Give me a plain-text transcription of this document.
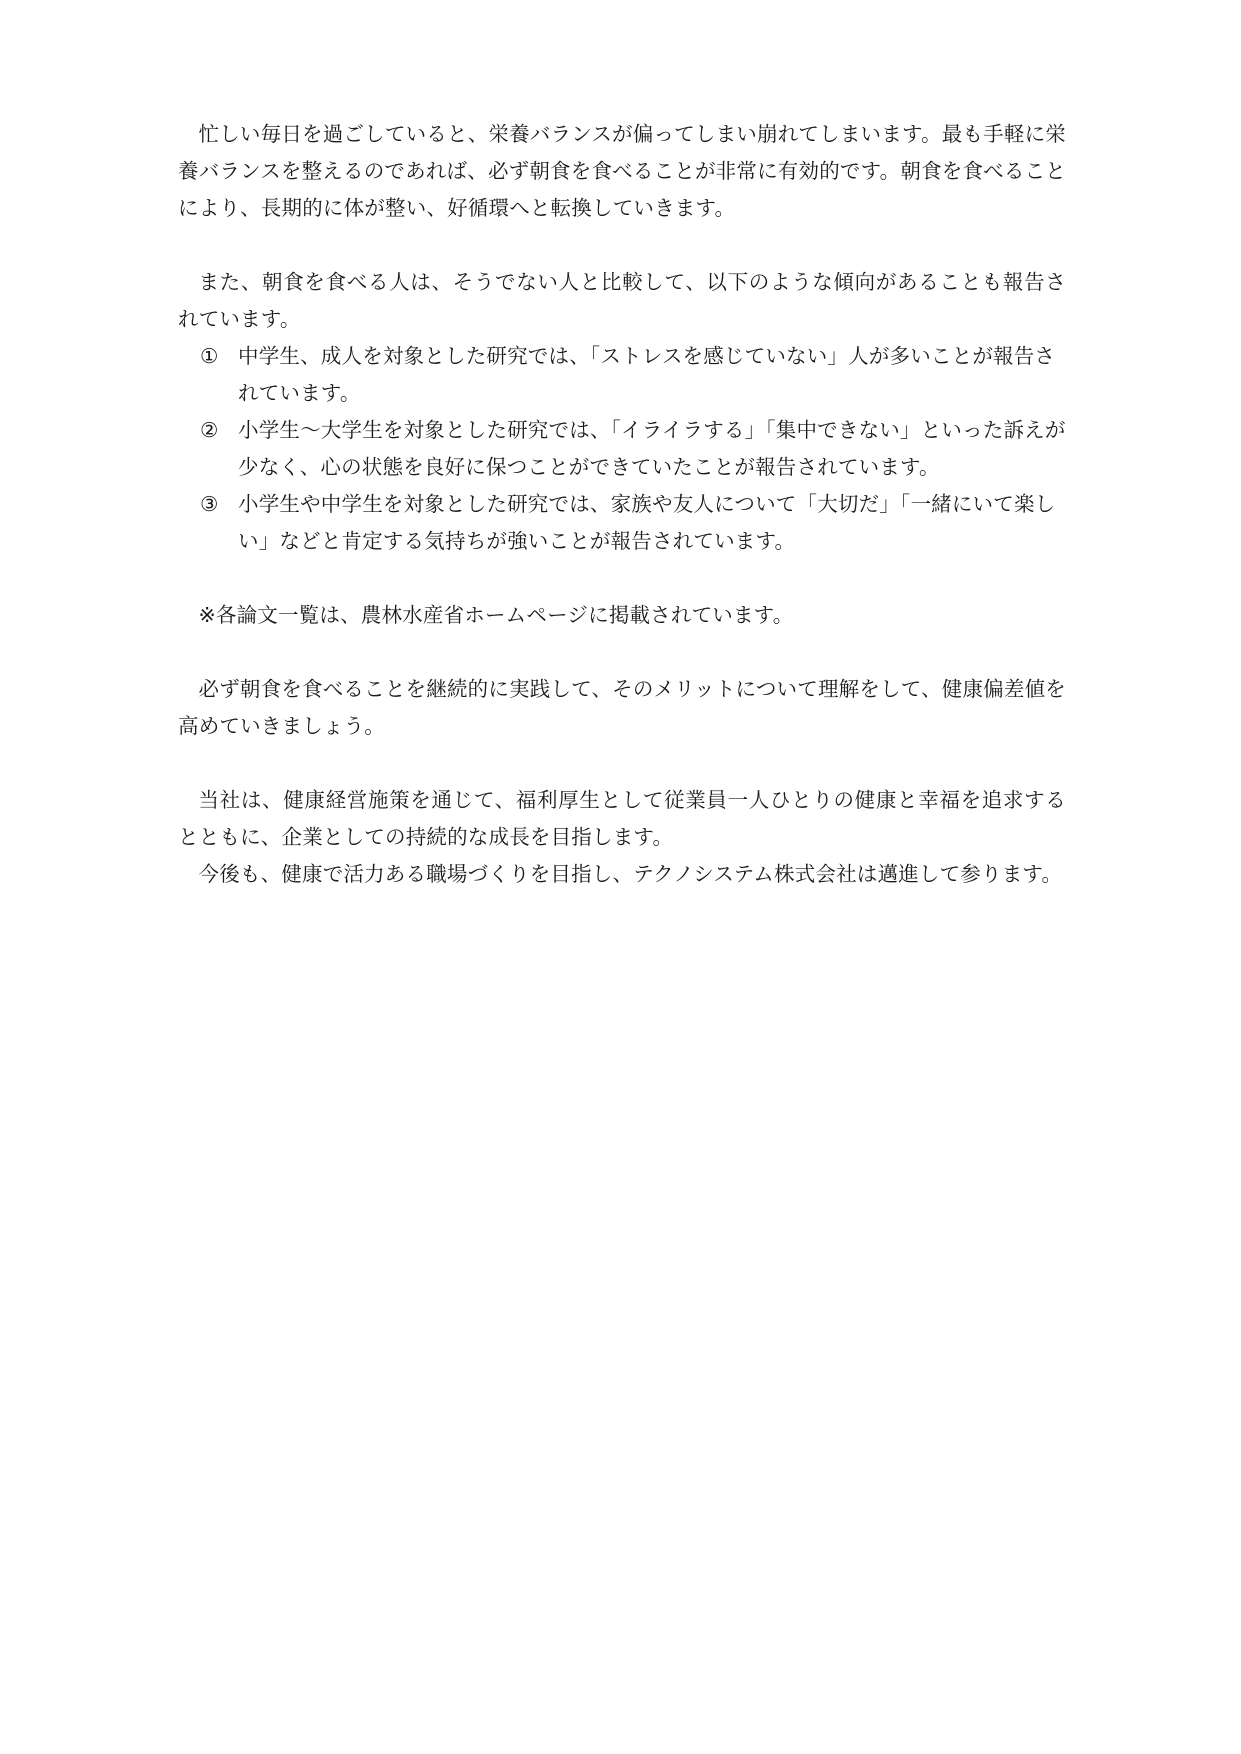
忙しい毎日を過ごしていると、栄養バランスが偏ってしまい崩れてしまいます。最も手軽に栄養バランスを整えるのであれば、必ず朝食を食べることが非常に有効的です。朝食を食べることにより、長期的に体が整い、好循環へと転換していきます。

また、朝食を食べる人は、そうでない人と比較して、以下のような傾向があることも報告されています。

① 中学生、成人を対象とした研究では、「ストレスを感じていない」人が多いことが報告されています。
② 小学生～大学生を対象とした研究では、「イライラする」「集中できない」といった訴えが少なく、心の状態を良好に保つことができていたことが報告されています。
③ 小学生や中学生を対象とした研究では、家族や友人について「大切だ」「一緒にいて楽しい」などと肯定する気持ちが強いことが報告されています。

※各論文一覧は、農林水産省ホームページに掲載されています。

必ず朝食を食べることを継続的に実践して、そのメリットについて理解をして、健康偏差値を高めていきましょう。

当社は、健康経営施策を通じて、福利厚生として従業員一人ひとりの健康と幸福を追求するとともに、企業としての持続的な成長を目指します。

今後も、健康で活力ある職場づくりを目指し、テクノシステム株式会社は邁進して参ります。
